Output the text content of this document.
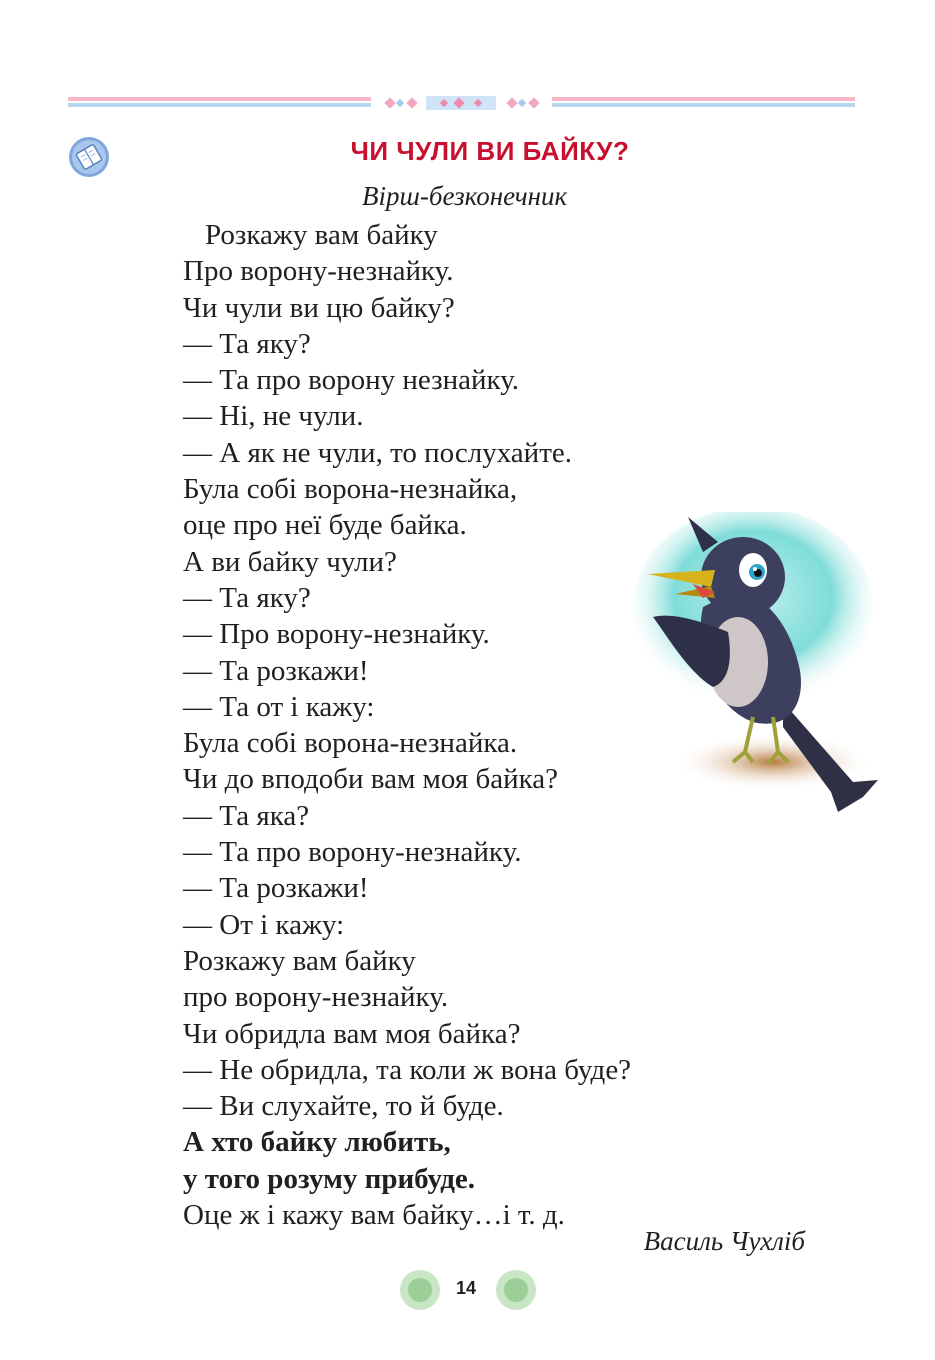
ЧИ ЧУЛИ ВИ БАЙКУ?
Вірш-безконечник
Розкажу вам байку
Про ворону-незнайку.
Чи чули ви цю байку?
— Та яку?
— Та про ворону незнайку.
— Ні, не чули.
— А як не чули, то послухайте.
Була собі ворона-незнайка,
оце про неї буде байка.
А ви байку чули?
— Та яку?
— Про ворону-незнайку.
— Та розкажи!
— Та от і кажу:
Була собі ворона-незнайка.
Чи до вподоби вам моя байка?
— Та яка?
— Та про ворону-незнайку.
— Та розкажи!
— От і кажу:
Розкажу вам байку
про ворону-незнайку.
Чи обридла вам моя байка?
— Не обридла, та коли ж вона буде?
— Ви слухайте, то й буде.
А хто байку любить,
у того розуму прибуде.
Оце ж і кажу вам байку…і т. д.
Василь Чухліб
14
